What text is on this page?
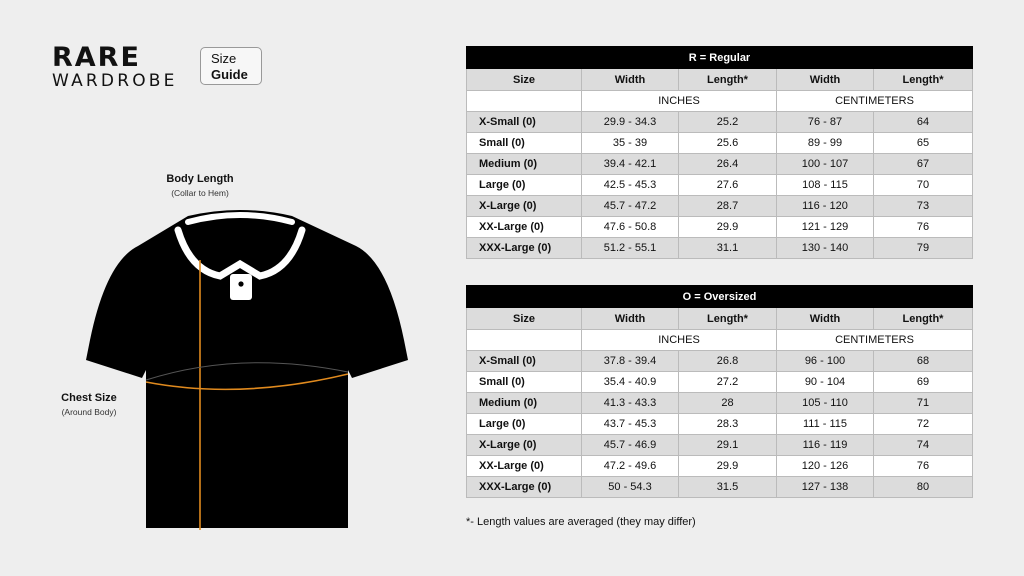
RARE
WARDROBE
Size
Guide
Body Length
(Collar to Hem)
Chest Size
(Around Body)
R = Regular				
Size	Width	Length*	Width	Length*
	INCHES		CENTIMETERS	
X-Small (0)	29.9 - 34.3	25.2	76 - 87	64
Small (0)	35 - 39	25.6	89 - 99	65
Medium (0)	39.4 - 42.1	26.4	100 - 107	67
Large (0)	42.5 - 45.3	27.6	108 - 115	70
X-Large (0)	45.7 - 47.2	28.7	116 - 120	73
XX-Large (0)	47.6 - 50.8	29.9	121 - 129	76
XXX-Large (0)	51.2 - 55.1	31.1	130 - 140	79
O = Oversized				
Size	Width	Length*	Width	Length*
	INCHES		CENTIMETERS	
X-Small (0)	37.8 - 39.4	26.8	96 - 100	68
Small (0)	35.4 - 40.9	27.2	90 - 104	69
Medium (0)	41.3 - 43.3	28	105 - 110	71
Large (0)	43.7 - 45.3	28.3	111 - 115	72
X-Large (0)	45.7 - 46.9	29.1	116 - 119	74
XX-Large (0)	47.2 - 49.6	29.9	120 - 126	76
XXX-Large (0)	50 - 54.3	31.5	127 - 138	80
*- Length values are averaged (they may differ)
